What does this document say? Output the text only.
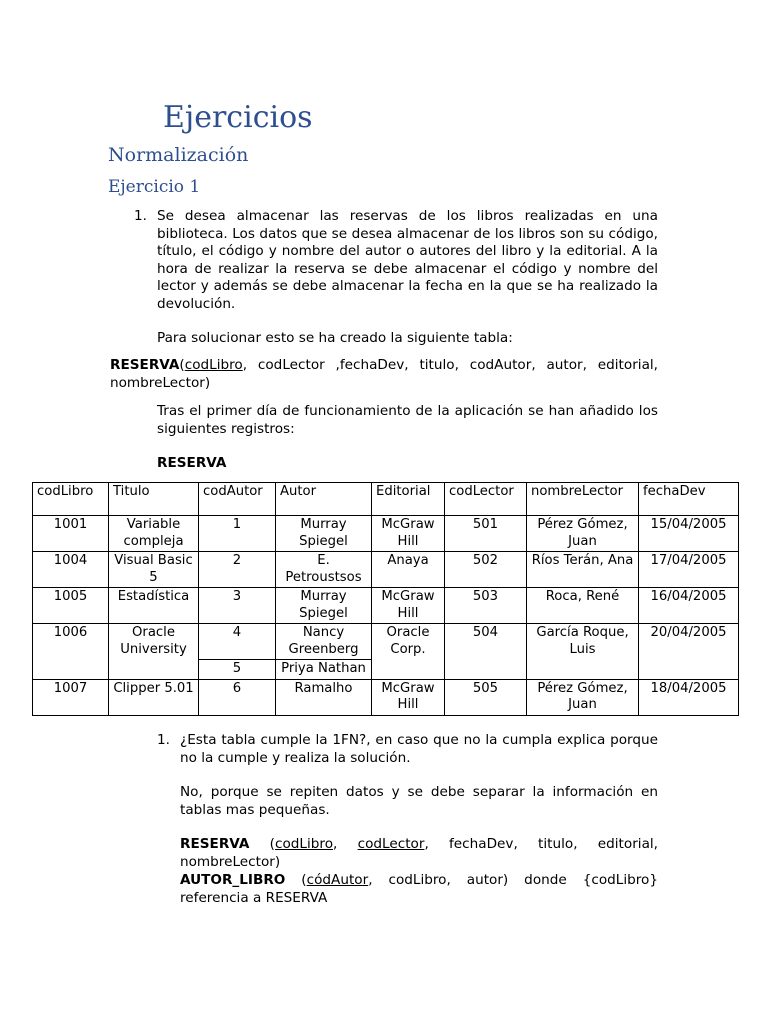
Ejercicios
Normalización
Ejercicio 1
1. Se desea almacenar las reservas de los libros realizadas en una biblioteca. Los datos que se desea almacenar de los libros son su código, título, el código y nombre del autor o autores del libro y la editorial. A la hora de realizar la reserva se debe almacenar el código y nombre del lector y además se debe almacenar la fecha en la que se ha realizado la devolución.

Para solucionar esto se ha creado la siguiente tabla:

RESERVA(codLibro, codLector ,fechaDev, titulo, codAutor, autor, editorial, nombreLector)

Tras el primer día de funcionamiento de la aplicación se han añadido los siguientes registros:

RESERVA

codLibro	Titulo	codAutor	Autor	Editorial	codLector	nombreLector	fechaDev
1001	Variable compleja	1	Murray Spiegel	McGraw Hill	501	Pérez Gómez, Juan	15/04/2005
1004	Visual Basic 5	2	E. Petroustsos	Anaya	502	Ríos Terán, Ana	17/04/2005
1005	Estadística	3	Murray Spiegel	McGraw Hill	503	Roca, René	16/04/2005
1006	Oracle University	4	Nancy Greenberg	Oracle Corp.	504	García Roque, Luis	20/04/2005
		5	Priya Nathan				
1007	Clipper 5.01	6	Ramalho	McGraw Hill	505	Pérez Gómez, Juan	18/04/2005
1. ¿Esta tabla cumple la 1FN?, en caso que no la cumpla explica porque no la cumple y realiza la solución.

No, porque se repiten datos y se debe separar la información en tablas mas pequeñas.

RESERVA (codLibro, codLector, fechaDev, titulo, editorial, nombreLector)

AUTOR_LIBRO (códAutor, codLibro, autor) donde {codLibro} referencia a RESERVA
